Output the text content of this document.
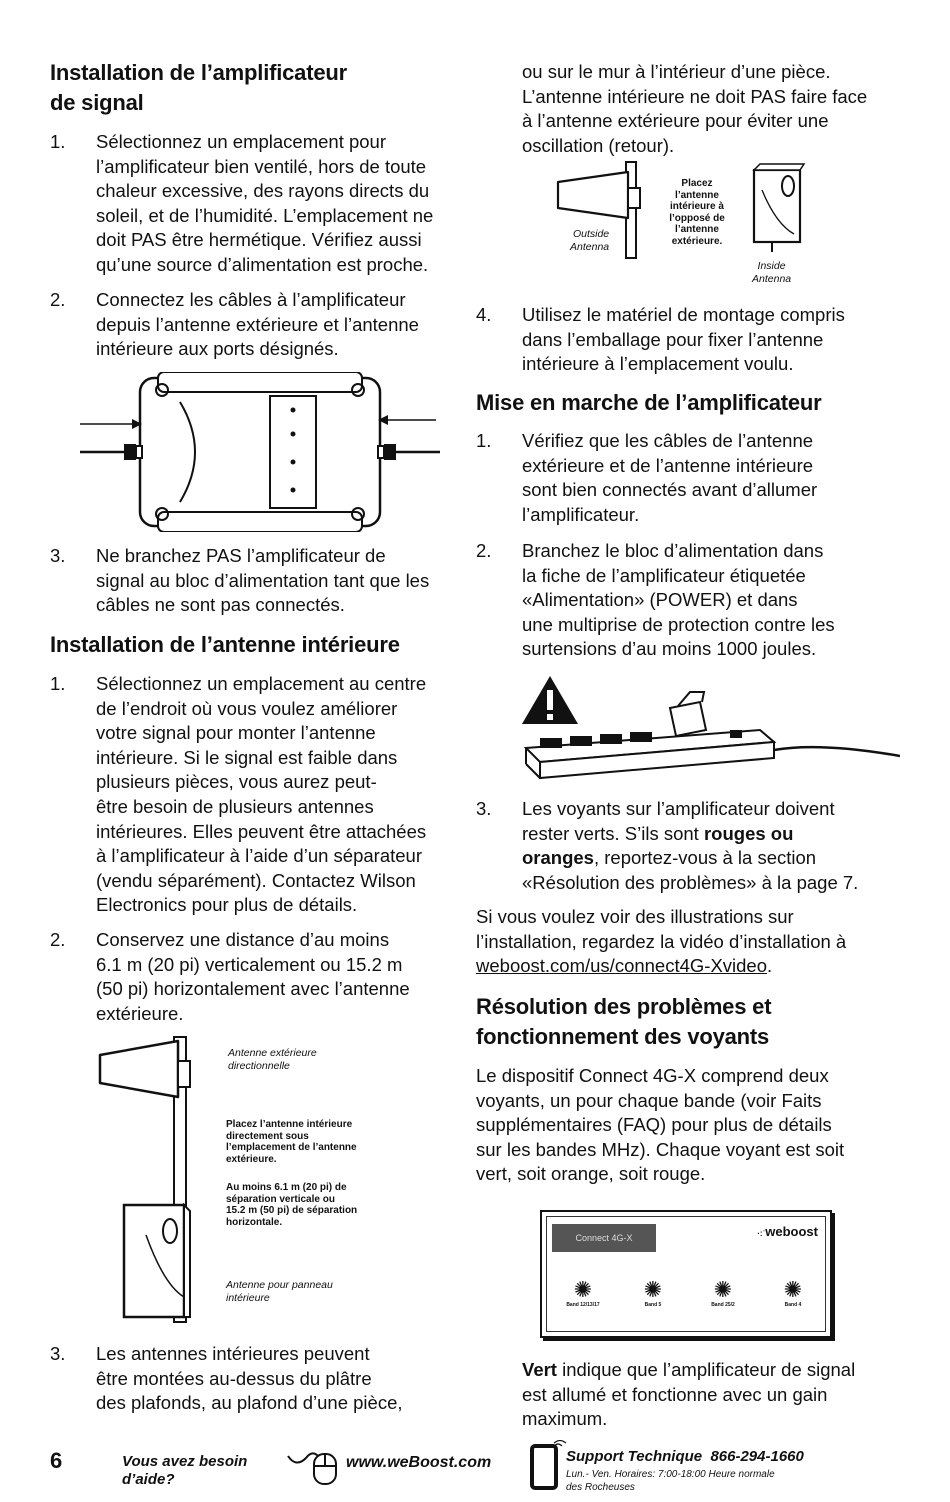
Installation de l’amplificateur
de signal
1. Sélectionnez un emplacement pour
l’amplificateur bien ventilé, hors de toute
chaleur excessive, des rayons directs du
soleil, et de l’humidité. L’emplacement ne
doit PAS être hermétique. Vérifiez aussi
qu’une source d’alimentation est proche.
2. Connectez les câbles à l’amplificateur
depuis l’antenne extérieure et l’antenne
intérieure aux ports désignés.
3. Ne branchez PAS l’amplificateur de
signal au bloc d’alimentation tant que les
câbles ne sont pas connectés.
Installation de l’antenne intérieure
1. Sélectionnez un emplacement au centre
de l’endroit où vous voulez améliorer
votre signal pour monter l’antenne
intérieure. Si le signal est faible dans
plusieurs pièces, vous aurez peut-
être besoin de plusieurs antennes
intérieures. Elles peuvent être attachées
à l’amplificateur à l’aide d’un séparateur
(vendu séparément). Contactez Wilson
Electronics pour plus de détails.
2. Conservez une distance d’au moins
6.1 m (20 pi) verticalement ou 15.2 m
(50 pi) horizontalement avec l’antenne
extérieure.
Antenne extérieure
directionnelle
Placez l’antenne intérieure
directement sous
l’emplacement de l’antenne
extérieure.
Au moins 6.1 m (20 pi) de
séparation verticale ou
15.2 m (50 pi) de séparation
horizontale.
Antenne pour panneau
intérieure
3. Les antennes intérieures peuvent
être montées au-dessus du plâtre
des plafonds, au plafond d’une pièce,
ou sur le mur à l’intérieur d’une pièce.
L’antenne intérieure ne doit PAS faire face
à l’antenne extérieure pour éviter une
oscillation (retour).
Outside
Antenna
Placez
l’antenne
intérieure à
l’opposé de
l’antenne
extérieure.
Inside
Antenna
4. Utilisez le matériel de montage compris
dans l’emballage pour fixer l’antenne
intérieure à l’emplacement voulu.
Mise en marche de l’amplificateur
1. Vérifiez que les câbles de l’antenne
extérieure et de l’antenne intérieure
sont bien connectés avant d’allumer
l’amplificateur.
2. Branchez le bloc d’alimentation dans
la fiche de l’amplificateur étiquetée
«Alimentation» (POWER) et dans
une multiprise de protection contre les
surtensions d’au moins 1000 joules.
3. Les voyants sur l’amplificateur doivent
rester verts. S’ils sont rouges ou
oranges, reportez-vous à la section
«Résolution des problèmes» à la page 7.
Si vous voulez voir des illustrations sur
l’installation, regardez la vidéo d’installation à
weboost.com/us/connect4G-Xvideo.
Résolution des problèmes et
fonctionnement des voyants
Le dispositif Connect 4G-X comprend deux
voyants, un pour chaque bande (voir Faits
supplémentaires (FAQ) pour plus de détails
sur les bandes MHz). Chaque voyant est soit
vert, soit orange, soit rouge.
Connect 4G-X	·:ˈweboost
✺
Band 12/13/17
✺
Band 5
✺
Band 25/2
✺
Band 4
Vert indique que l’amplificateur de signal
est allumé et fonctionne avec un gain
maximum.
6	Vous avez besoin
d’aide?
www.weBoost.com	Support Technique  866-294-1660
Lun.- Ven. Horaires: 7:00-18:00 Heure normale
des Rocheuses
